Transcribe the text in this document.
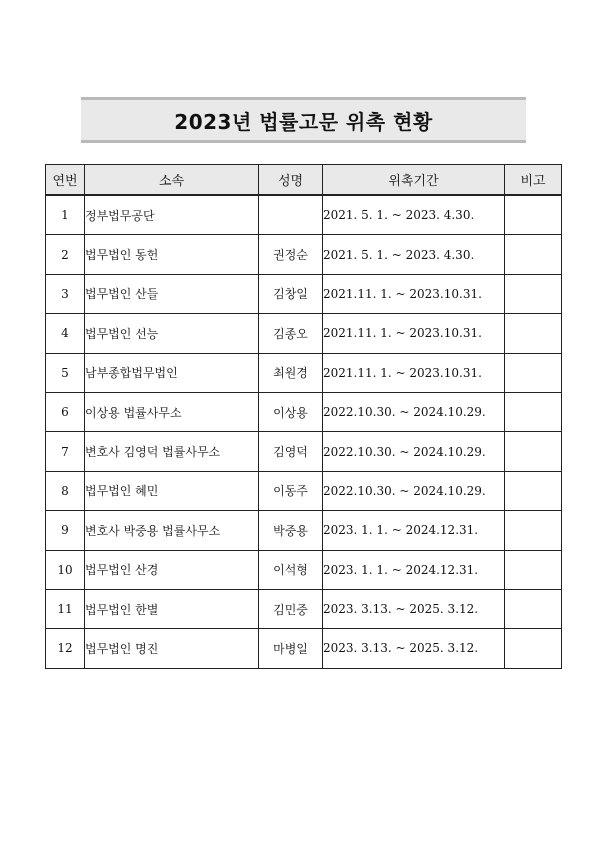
2023년 법률고문 위촉 현황
연번	소속	성명	위촉기간	비고
1	정부법무공단		2021. 5. 1. ~ 2023. 4.30.	
2	법무법인 동헌	권정순	2021. 5. 1. ~ 2023. 4.30.	
3	법무법인 산들	김창일	2021.11. 1. ~ 2023.10.31.	
4	법무법인 선능	김종오	2021.11. 1. ~ 2023.10.31.	
5	남부종합법무법인	최원경	2021.11. 1. ~ 2023.10.31.	
6	이상용 법률사무소	이상용	2022.10.30. ~ 2024.10.29.	
7	변호사 김영덕 법률사무소	김영덕	2022.10.30. ~ 2024.10.29.	
8	법무법인 혜민	이동주	2022.10.30. ~ 2024.10.29.	
9	변호사 박중용 법률사무소	박중용	2023. 1. 1. ~ 2024.12.31.	
10	법무법인 산경	이석형	2023. 1. 1. ~ 2024.12.31.	
11	법무법인 한별	김민중	2023. 3.13. ~ 2025. 3.12.	
12	법무법인 명진	마병일	2023. 3.13. ~ 2025. 3.12.	
